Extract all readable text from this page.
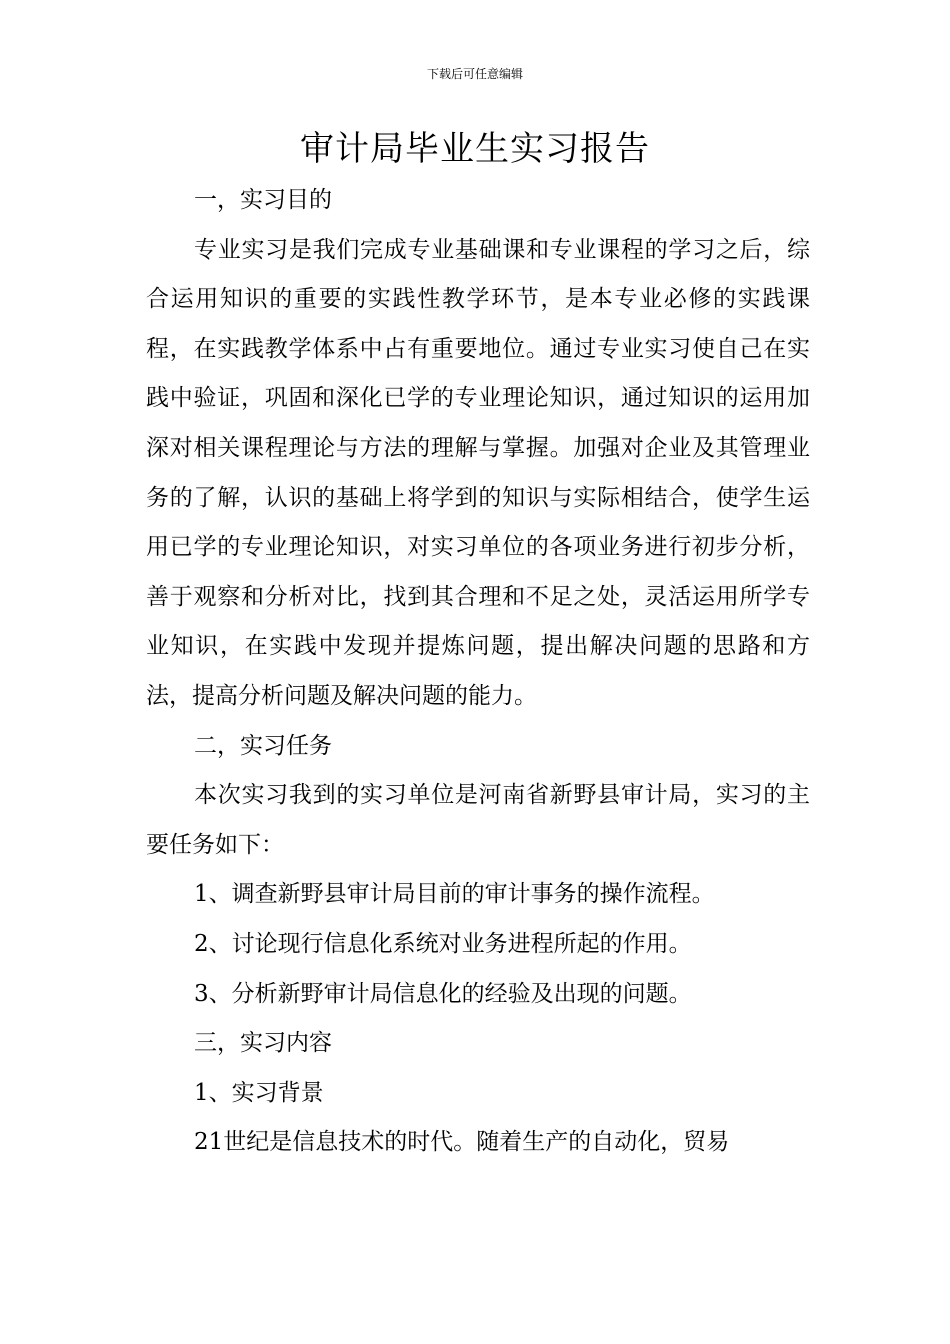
下载后可任意编辑
审计局毕业生实习报告

一，实习目的

专业实习是我们完成专业基础课和专业课程的学习之后，综合运用知识的重要的实践性教学环节，是本专业必修的实践课程，在实践教学体系中占有重要地位。通过专业实习使自己在实践中验证，巩固和深化已学的专业理论知识，通过知识的运用加深对相关课程理论与方法的理解与掌握。加强对企业及其管理业务的了解，认识的基础上将学到的知识与实际相结合，使学生运用已学的专业理论知识，对实习单位的各项业务进行初步分析，善于观察和分析对比，找到其合理和不足之处，灵活运用所学专业知识，在实践中发现并提炼问题，提出解决问题的思路和方法，提高分析问题及解决问题的能力。

二，实习任务

本次实习我到的实习单位是河南省新野县审计局，实习的主要任务如下：

1、调查新野县审计局目前的审计事务的操作流程。

2、讨论现行信息化系统对业务进程所起的作用。

3、分析新野审计局信息化的经验及出现的问题。

三，实习内容

1、实习背景

21世纪是信息技术的时代。随着生产的自动化，贸易
